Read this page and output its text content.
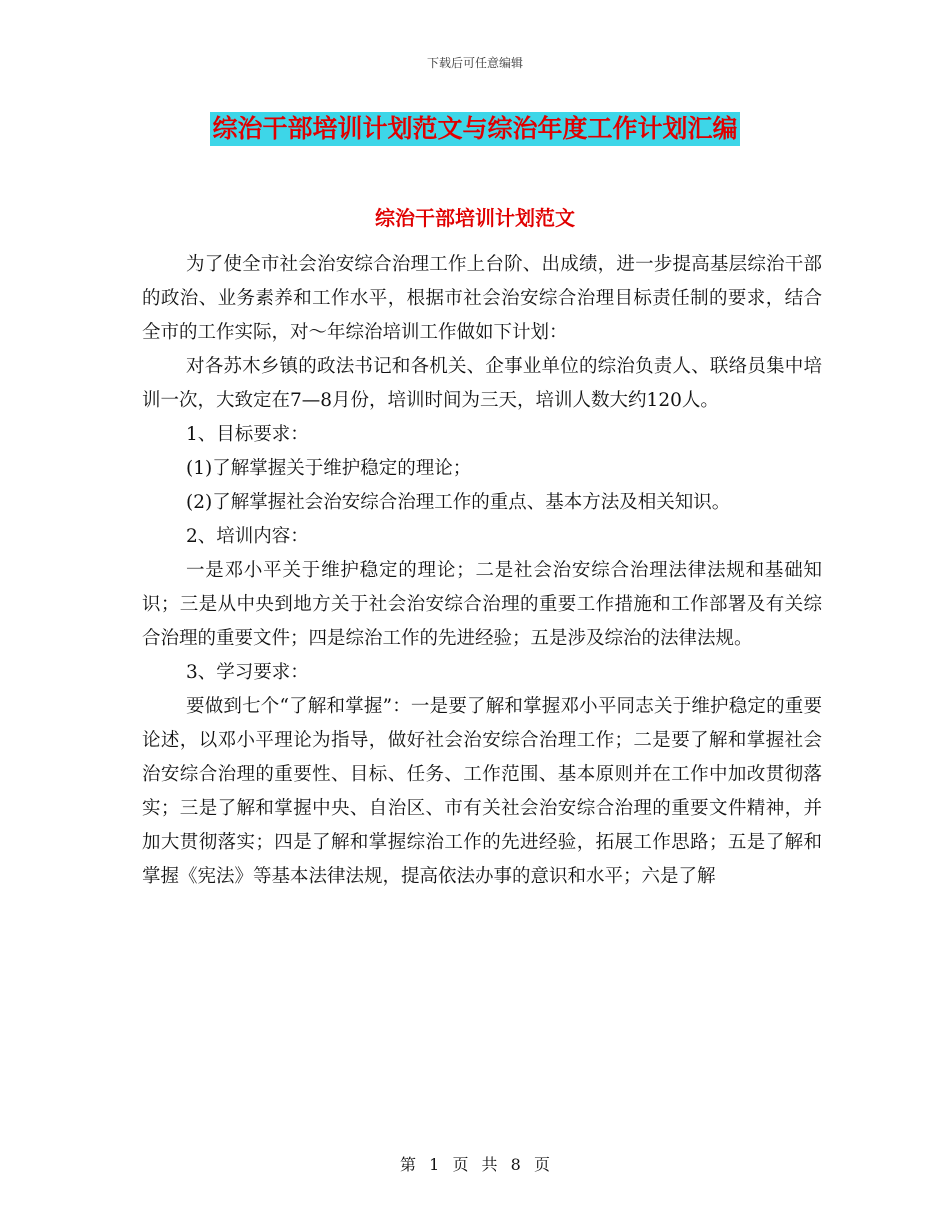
下载后可任意编辑
综治干部培训计划范文与综治年度工作计划汇编
综治干部培训计划范文

为了使全市社会治安综合治理工作上台阶、出成绩，进一步提高基层综治干部的政治、业务素养和工作水平，根据市社会治安综合治理目标责任制的要求，结合全市的工作实际，对～年综治培训工作做如下计划：

对各苏木乡镇的政法书记和各机关、企事业单位的综治负责人、联络员集中培训一次，大致定在7—8月份，培训时间为三天，培训人数大约120人。

1、目标要求：

(1)了解掌握关于维护稳定的理论；

(2)了解掌握社会治安综合治理工作的重点、基本方法及相关知识。

2、培训内容：

一是邓小平关于维护稳定的理论；二是社会治安综合治理法律法规和基础知识；三是从中央到地方关于社会治安综合治理的重要工作措施和工作部署及有关综合治理的重要文件；四是综治工作的先进经验；五是涉及综治的法律法规。

3、学习要求：

要做到七个“了解和掌握”：一是要了解和掌握邓小平同志关于维护稳定的重要论述，以邓小平理论为指导，做好社会治安综合治理工作；二是要了解和掌握社会治安综合治理的重要性、目标、任务、工作范围、基本原则并在工作中加改贯彻落实；三是了解和掌握中央、自治区、市有关社会治安综合治理的重要文件精神，并加大贯彻落实；四是了解和掌握综治工作的先进经验，拓展工作思路；五是了解和掌握《宪法》等基本法律法规，提高依法办事的意识和水平；六是了解

第 1 页 共 8 页
